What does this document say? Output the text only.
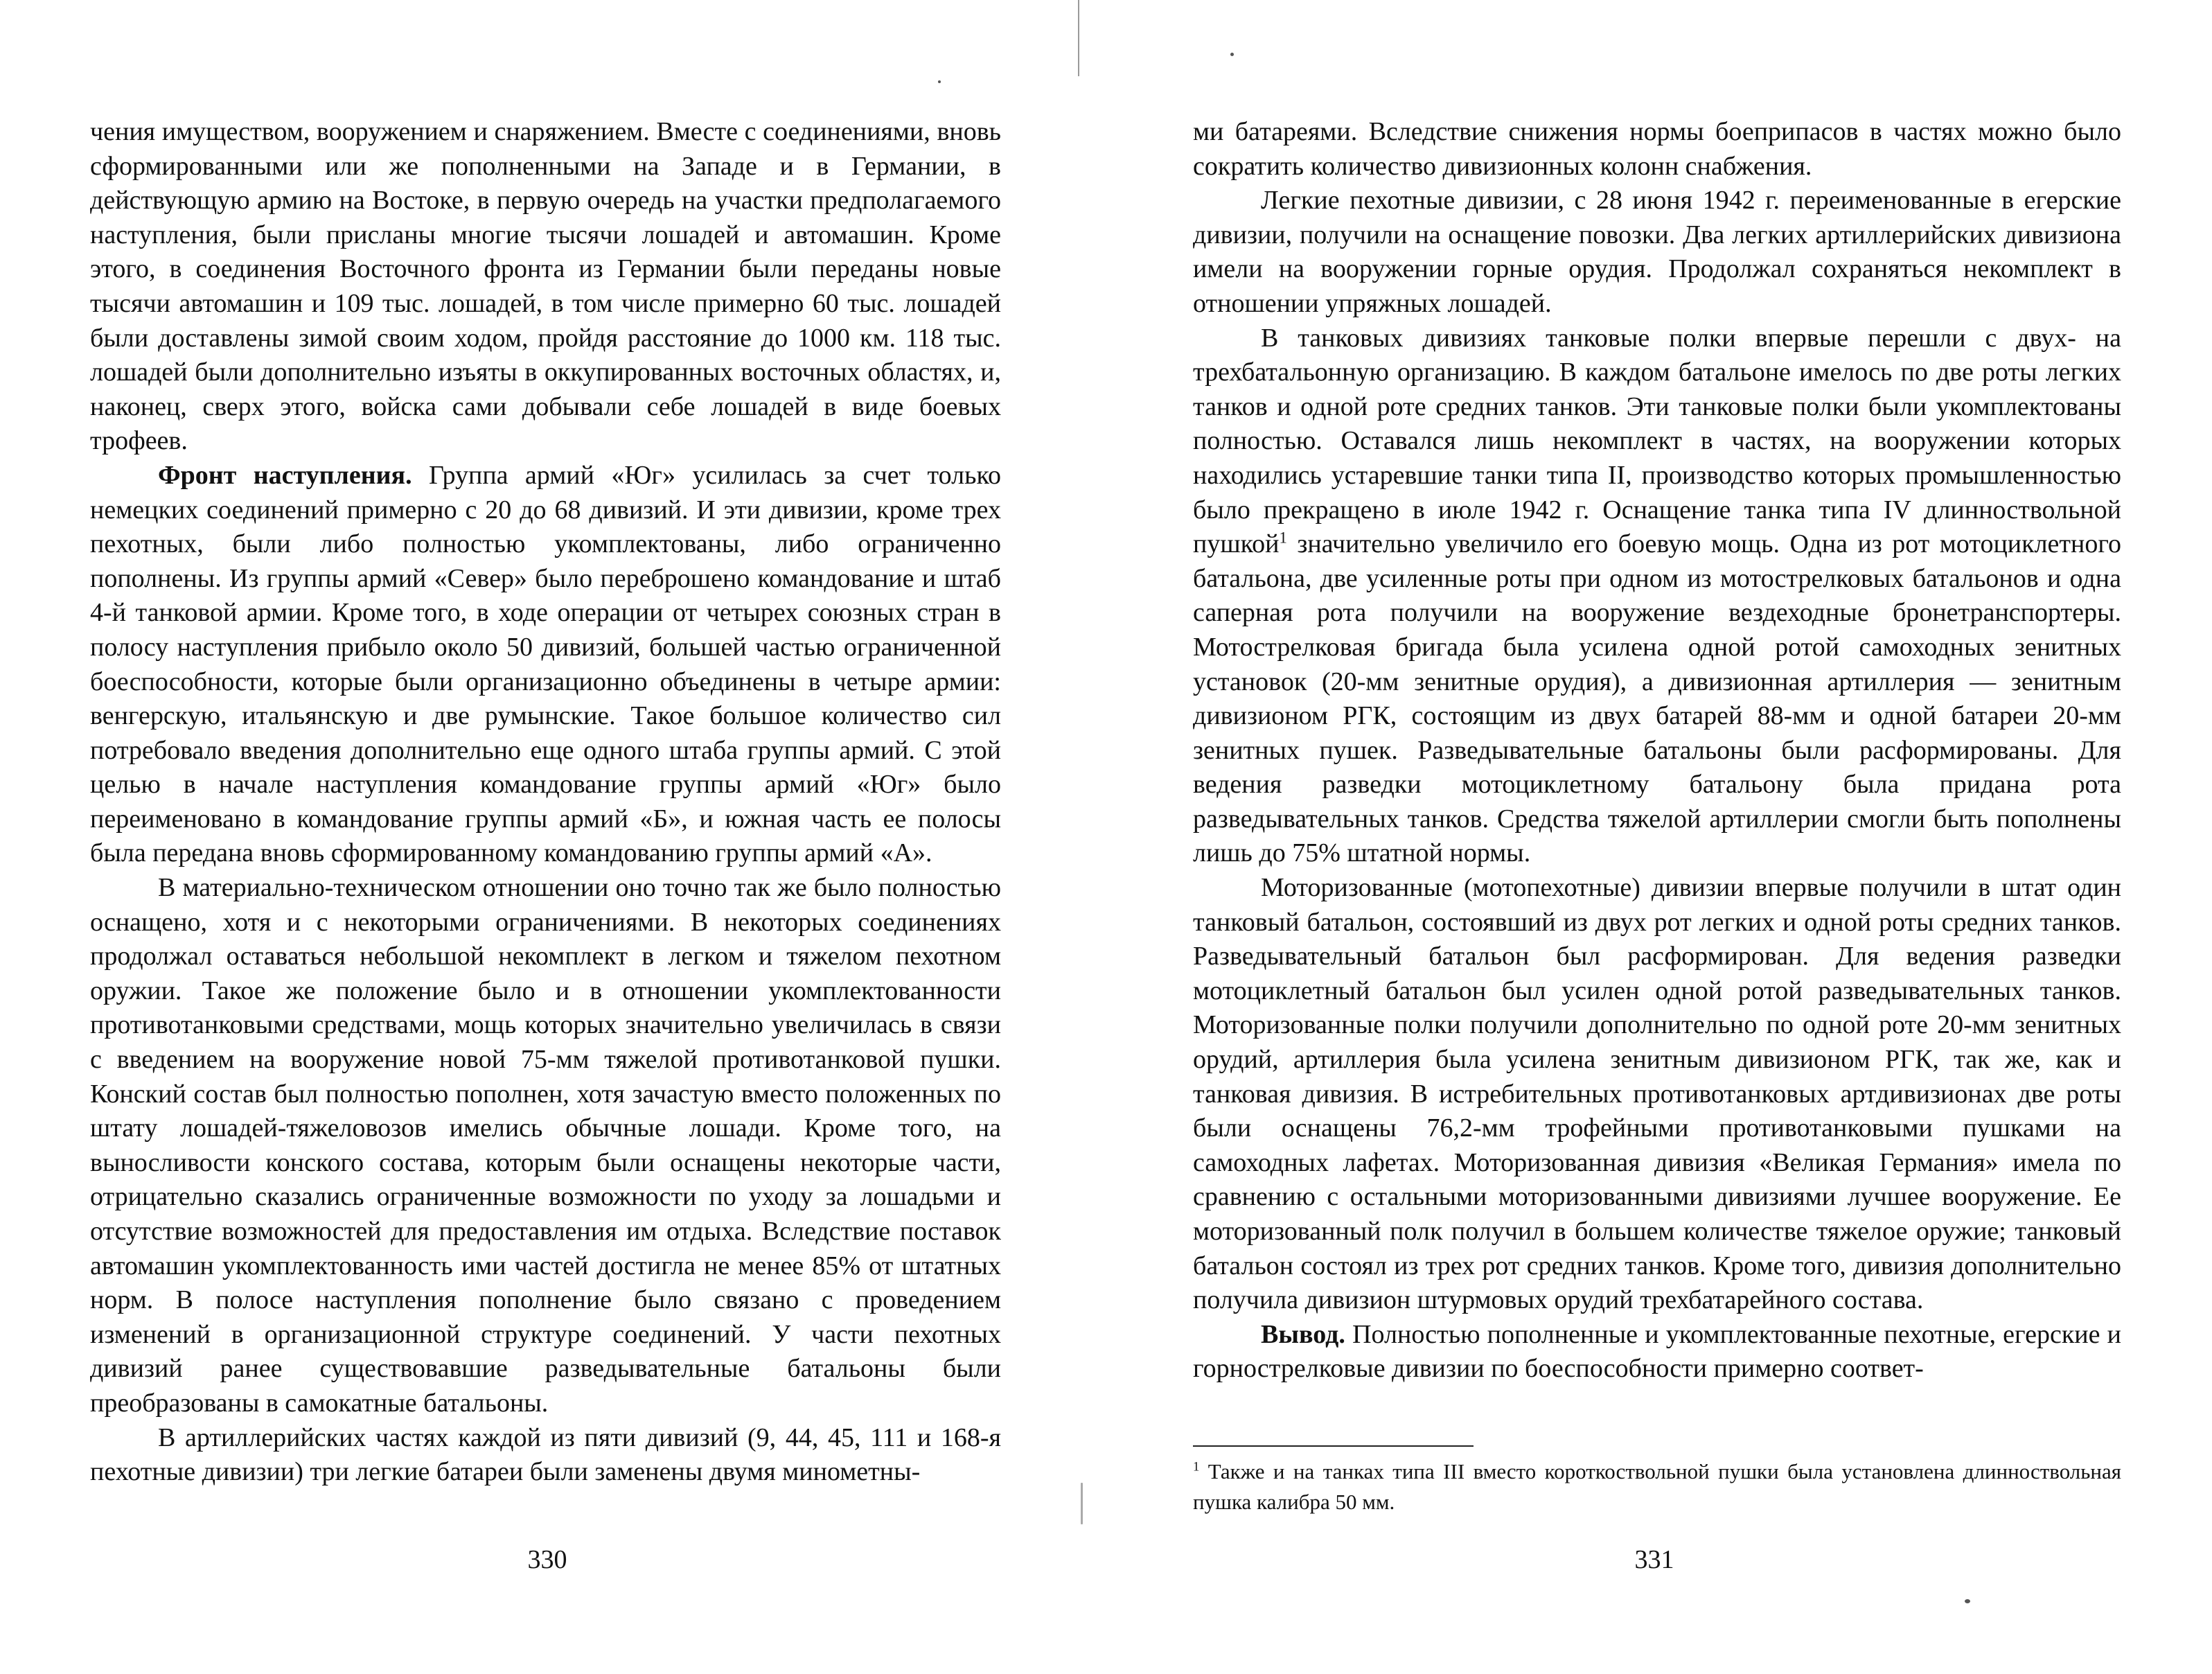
чения имуществом, вооружением и снаряжением. Вместе с соединениями, вновь сформированными или же пополненными на Западе и в Германии, в действующую армию на Востоке, в первую очередь на участки предполагаемого наступления, были присланы многие тысячи лошадей и автомашин. Кроме этого, в соединения Восточного фронта из Германии были переданы новые тысячи автомашин и 109 тыс. лошадей, в том числе примерно 60 тыс. лошадей были доставлены зимой своим ходом, пройдя расстояние до 1000 км. 118 тыс. лошадей были дополнительно изъяты в оккупированных восточных областях, и, наконец, сверх этого, войска сами добывали себе лошадей в виде боевых трофеев.

Фронт наступления. Группа армий «Юг» усилилась за счет только немецких соединений примерно с 20 до 68 дивизий. И эти дивизии, кроме трех пехотных, были либо полностью укомплектованы, либо ограниченно пополнены. Из группы армий «Север» было переброшено командование и штаб 4-й танковой армии. Кроме того, в ходе операции от четырех союзных стран в полосу наступления прибыло около 50 дивизий, большей частью ограниченной боеспособности, которые были организационно объединены в четыре армии: венгерскую, итальянскую и две румынские. Такое большое количество сил потребовало введения дополнительно еще одного штаба группы армий. С этой целью в начале наступления командование группы армий «Юг» было переименовано в командование группы армий «Б», и южная часть ее полосы была передана вновь сформированному командованию группы армий «А».

В материально-техническом отношении оно точно так же было полностью оснащено, хотя и с некоторыми ограничениями. В некоторых соединениях продолжал оставаться небольшой некомплект в легком и тяжелом пехотном оружии. Такое же положение было и в отношении укомплектованности противотанковыми средствами, мощь которых значительно увеличилась в связи с введением на вооружение новой 75-мм тяжелой противотанковой пушки. Конский состав был полностью пополнен, хотя зачастую вместо положенных по штату лошадей-тяжеловозов имелись обычные лошади. Кроме того, на выносливости конского состава, которым были оснащены некоторые части, отрицательно сказались ограниченные возможности по уходу за лошадьми и отсутствие возможностей для предоставления им отдыха. Вследствие поставок автомашин укомплектованность ими частей достигла не менее 85% от штатных норм. В полосе наступления пополнение было связано с проведением изменений в организационной структуре соединений. У части пехотных дивизий ранее существовавшие разведывательные батальоны были преобразованы в самокатные батальоны.

В артиллерийских частях каждой из пяти дивизий (9, 44, 45, 111 и 168-я пехотные дивизии) три легкие батареи были заменены двумя минометны-

330

ми батареями. Вследствие снижения нормы боеприпасов в частях можно было сократить количество дивизионных колонн снабжения.

Легкие пехотные дивизии, с 28 июня 1942 г. переименованные в егерские дивизии, получили на оснащение повозки. Два легких артиллерийских дивизиона имели на вооружении горные орудия. Продолжал сохраняться некомплект в отношении упряжных лошадей.

В танковых дивизиях танковые полки впервые перешли с двух- на трехбатальонную организацию. В каждом батальоне имелось по две роты легких танков и одной роте средних танков. Эти танковые полки были укомплектованы полностью. Оставался лишь некомплект в частях, на вооружении которых находились устаревшие танки типа II, производство которых промышленностью было прекращено в июле 1942 г. Оснащение танка типа IV длинноствольной пушкой$^1$ значительно увеличило его боевую мощь. Одна из рот мотоциклетного батальона, две усиленные роты при одном из мотострелковых батальонов и одна саперная рота получили на вооружение вездеходные бронетранспортеры. Мотострелковая бригада была усилена одной ротой самоходных зенитных установок (20-мм зенитные орудия), а дивизионная артиллерия — зенитным дивизионом РГК, состоящим из двух батарей 88-мм и одной батареи 20-мм зенитных пушек. Разведывательные батальоны были расформированы. Для ведения разведки мотоциклетному батальону была придана рота разведывательных танков. Средства тяжелой артиллерии смогли быть пополнены лишь до 75% штатной нормы.

Моторизованные (мотопехотные) дивизии впервые получили в штат один танковый батальон, состоявший из двух рот легких и одной роты средних танков. Разведывательный батальон был расформирован. Для ведения разведки мотоциклетный батальон был усилен одной ротой разведывательных танков. Моторизованные полки получили дополнительно по одной роте 20-мм зенитных орудий, артиллерия была усилена зенитным дивизионом РГК, так же, как и танковая дивизия. В истребительных противотанковых артдивизионах две роты были оснащены 76,2-мм трофейными противотанковыми пушками на самоходных лафетах. Моторизованная дивизия «Великая Германия» имела по сравнению с остальными моторизованными дивизиями лучшее вооружение. Ее моторизованный полк получил в большем количестве тяжелое оружие; танковый батальон состоял из трех рот средних танков. Кроме того, дивизия дополнительно получила дивизион штурмовых орудий трехбатарейного состава.

Вывод. Полностью пополненные и укомплектованные пехотные, егерские и горнострелковые дивизии по боеспособности примерно соответ-

$^1$ Также и на танках типа III вместо короткоствольной пушки была установлена длинноствольная пушка калибра 50 мм.
331
